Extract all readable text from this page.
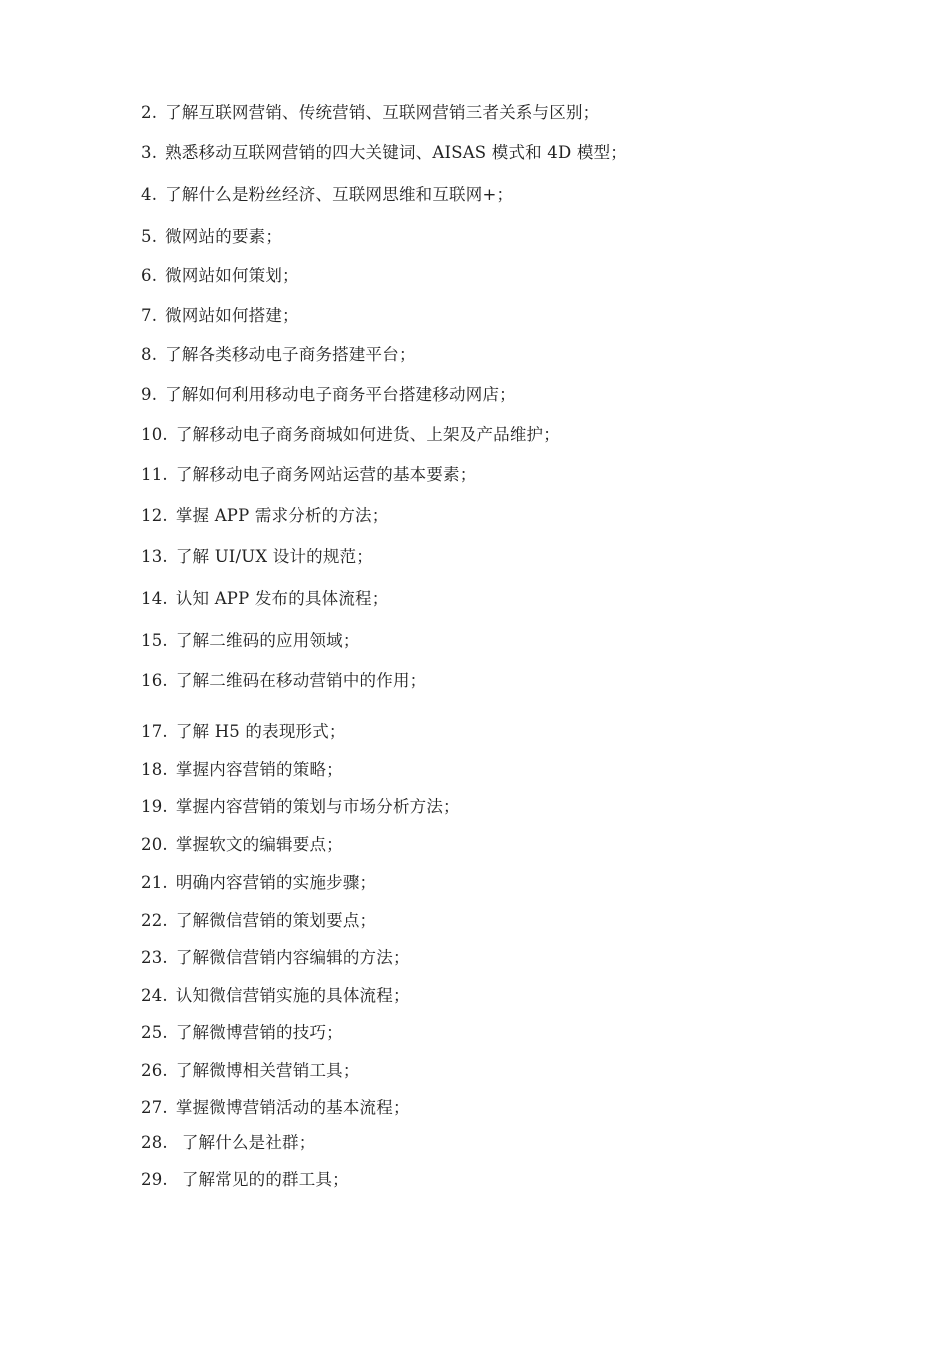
2. 了解互联网营销、传统营销、互联网营销三者关系与区别；
3. 熟悉移动互联网营销的四大关键词、AISAS 模式和 4D 模型；
4. 了解什么是粉丝经济、互联网思维和互联网+；
5. 微网站的要素；
6. 微网站如何策划；
7. 微网站如何搭建；
8. 了解各类移动电子商务搭建平台；
9. 了解如何利用移动电子商务平台搭建移动网店；
10. 了解移动电子商务商城如何进货、上架及产品维护；
11. 了解移动电子商务网站运营的基本要素；
12. 掌握 APP 需求分析的方法；
13. 了解 UI/UX 设计的规范；
14. 认知 APP 发布的具体流程；
15. 了解二维码的应用领域；
16. 了解二维码在移动营销中的作用；
17. 了解 H5 的表现形式；
18. 掌握内容营销的策略；
19. 掌握内容营销的策划与市场分析方法；
20. 掌握软文的编辑要点；
21. 明确内容营销的实施步骤；
22. 了解微信营销的策划要点；
23. 了解微信营销内容编辑的方法；
24. 认知微信营销实施的具体流程；
25. 了解微博营销的技巧；
26. 了解微博相关营销工具；
27. 掌握微博营销活动的基本流程；
28. 了解什么是社群；
29. 了解常见的的群工具；
